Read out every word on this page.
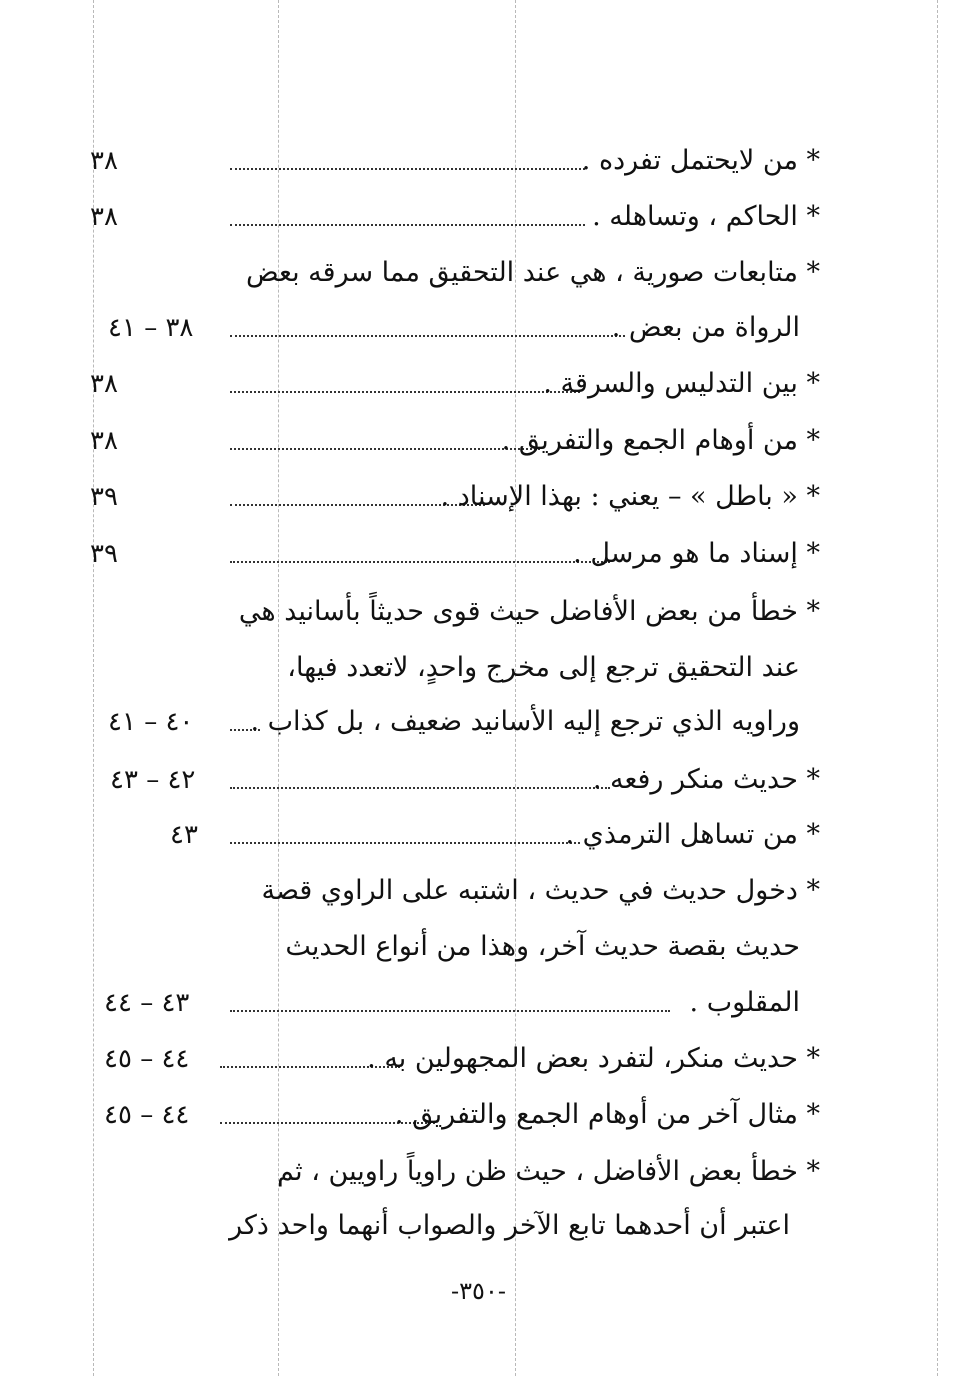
٣٨	* من لايحتمل تفرده .
٣٨	* الحاكم ، وتساهله .
* متابعات صورية ، هي عند التحقيق مما سرقه بعض
٣٨ – ٤١	الرواة من بعض .
٣٨	* بين التدليس والسرقة .
٣٨	* من أوهام الجمع والتفريق .
٣٩	* « باطل » – يعني : بهذا الإسناد .
٣٩	* إسناد ما هو مرسل .
* خطأ من بعض الأفاضل حيث قوى حديثاً بأسانيد هي
عند التحقيق ترجع إلى مخرج واحدٍ، لاتعدد فيها،
٤٠ – ٤١	وراويه الذي ترجع إليه الأسانيد ضعيف ، بل كذاب .
٤٢ – ٤٣	* حديث منكر رفعه .
٤٣	* من تساهل الترمذي .
* دخول حديث في حديث ، اشتبه على الراوي قصة
حديث بقصة حديث آخر، وهذا من أنواع الحديث
٤٣ – ٤٤	المقلوب .
٤٤ – ٤٥	* حديث منكر، لتفرد بعض المجهولين به .
٤٤ – ٤٥	* مثال آخر من أوهام الجمع والتفريق .
* خطأ بعض الأفاضل ، حيث ظن راوياً راويين ، ثم
اعتبر أن أحدهما تابع الآخر والصواب أنهما واحد ذكر
-٣٥٠-
